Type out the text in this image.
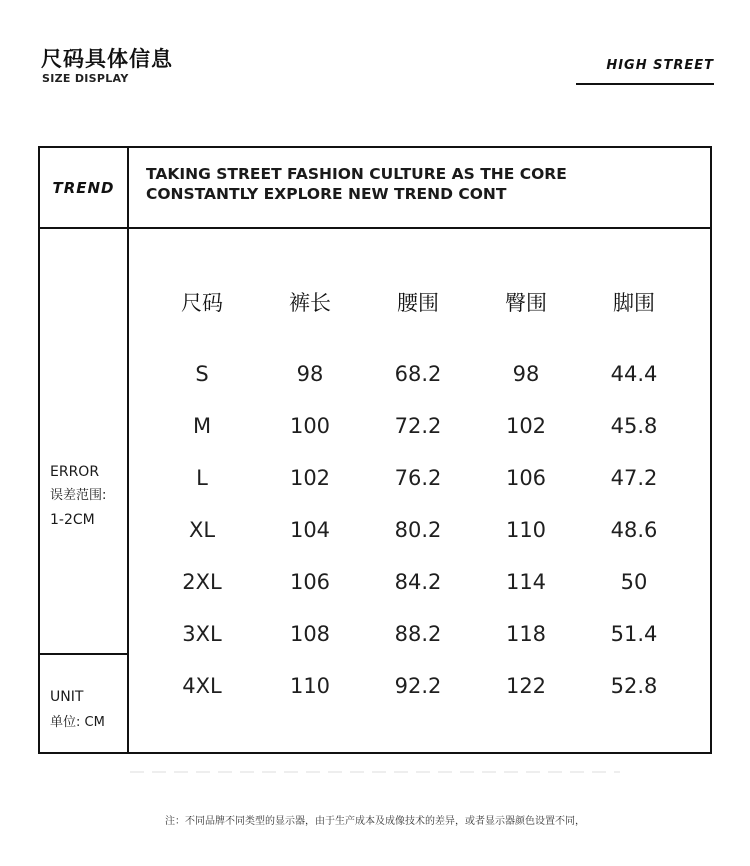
尺码具体信息
SIZE DISPLAY
HIGH STREET
TREND
TAKING STREET FASHION CULTURE AS THE CORE
CONSTANTLY EXPLORE NEW TREND CONT
ERROR
误差范围:
1-2CM
UNIT
单位: CM
尺码	裤长	腰围	臀围	脚围
S	98	68.2	98	44.4
M	100	72.2	102	45.8
L	102	76.2	106	47.2
XL	104	80.2	110	48.6
2XL	106	84.2	114	50
3XL	108	88.2	118	51.4
4XL	110	92.2	122	52.8
注：不同品牌不同类型的显示器，由于生产成本及成像技术的差异，或者显示器颜色设置不同，
